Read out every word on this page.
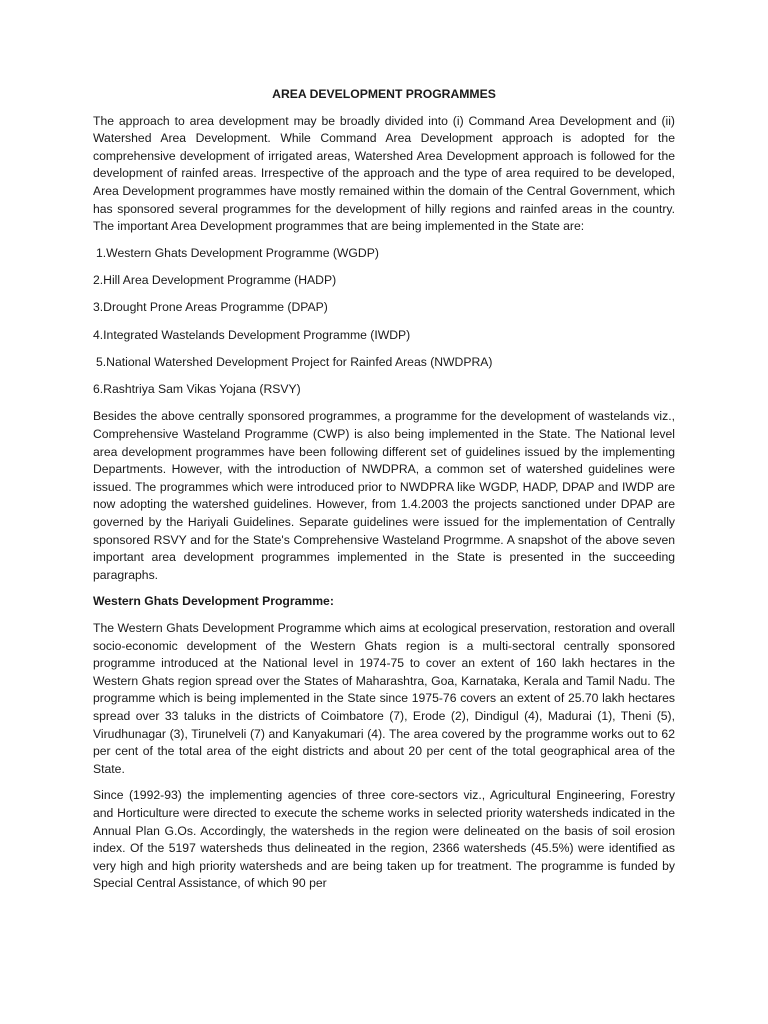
AREA DEVELOPMENT PROGRAMMES
The approach to area development may be broadly divided into (i) Command Area Development and (ii) Watershed Area Development. While Command Area Development approach is adopted for the comprehensive development of irrigated areas, Watershed Area Development approach is followed for the development of rainfed areas. Irrespective of the approach and the type of area required to be developed, Area Development programmes have mostly remained within the domain of the Central Government, which has sponsored several programmes for the development of hilly regions and rainfed areas in the country. The important Area Development programmes that are being implemented in the State are:
1.Western Ghats Development Programme (WGDP)
2.Hill Area Development Programme (HADP)
3.Drought Prone Areas Programme (DPAP)
4.Integrated Wastelands Development Programme (IWDP)
5.National Watershed Development Project for Rainfed Areas (NWDPRA)
6.Rashtriya Sam Vikas Yojana (RSVY)
Besides the above centrally sponsored programmes, a programme for the development of wastelands viz., Comprehensive Wasteland Programme (CWP) is also being implemented in the State. The National level area development programmes have been following different set of guidelines issued by the implementing Departments. However, with the introduction of NWDPRA, a common set of watershed guidelines were issued. The programmes which were introduced prior to NWDPRA like WGDP, HADP, DPAP and IWDP are now adopting the watershed guidelines. However, from 1.4.2003 the projects sanctioned under DPAP are governed by the Hariyali Guidelines. Separate guidelines were issued for the implementation of Centrally sponsored RSVY and for the State's Comprehensive Wasteland Progrmme. A snapshot of the above seven important area development programmes implemented in the State is presented in the succeeding paragraphs.
Western Ghats Development Programme:
The Western Ghats Development Programme which aims at ecological preservation, restoration and overall socio-economic development of the Western Ghats region is a multi-sectoral centrally sponsored programme introduced at the National level in 1974-75 to cover an extent of 160 lakh hectares in the Western Ghats region spread over the States of Maharashtra, Goa, Karnataka, Kerala and Tamil Nadu. The programme which is being implemented in the State since 1975-76 covers an extent of 25.70 lakh hectares spread over 33 taluks in the districts of Coimbatore (7), Erode (2), Dindigul (4), Madurai (1), Theni (5), Virudhunagar (3), Tirunelveli (7) and Kanyakumari (4). The area covered by the programme works out to 62 per cent of the total area of the eight districts and about 20 per cent of the total geographical area of the State.
Since (1992-93) the implementing agencies of three core-sectors viz., Agricultural Engineering, Forestry and Horticulture were directed to execute the scheme works in selected priority watersheds indicated in the Annual Plan G.Os. Accordingly, the watersheds in the region were delineated on the basis of soil erosion index. Of the 5197 watersheds thus delineated in the region, 2366 watersheds (45.5%) were identified as very high and high priority watersheds and are being taken up for treatment. The programme is funded by Special Central Assistance, of which 90 per
